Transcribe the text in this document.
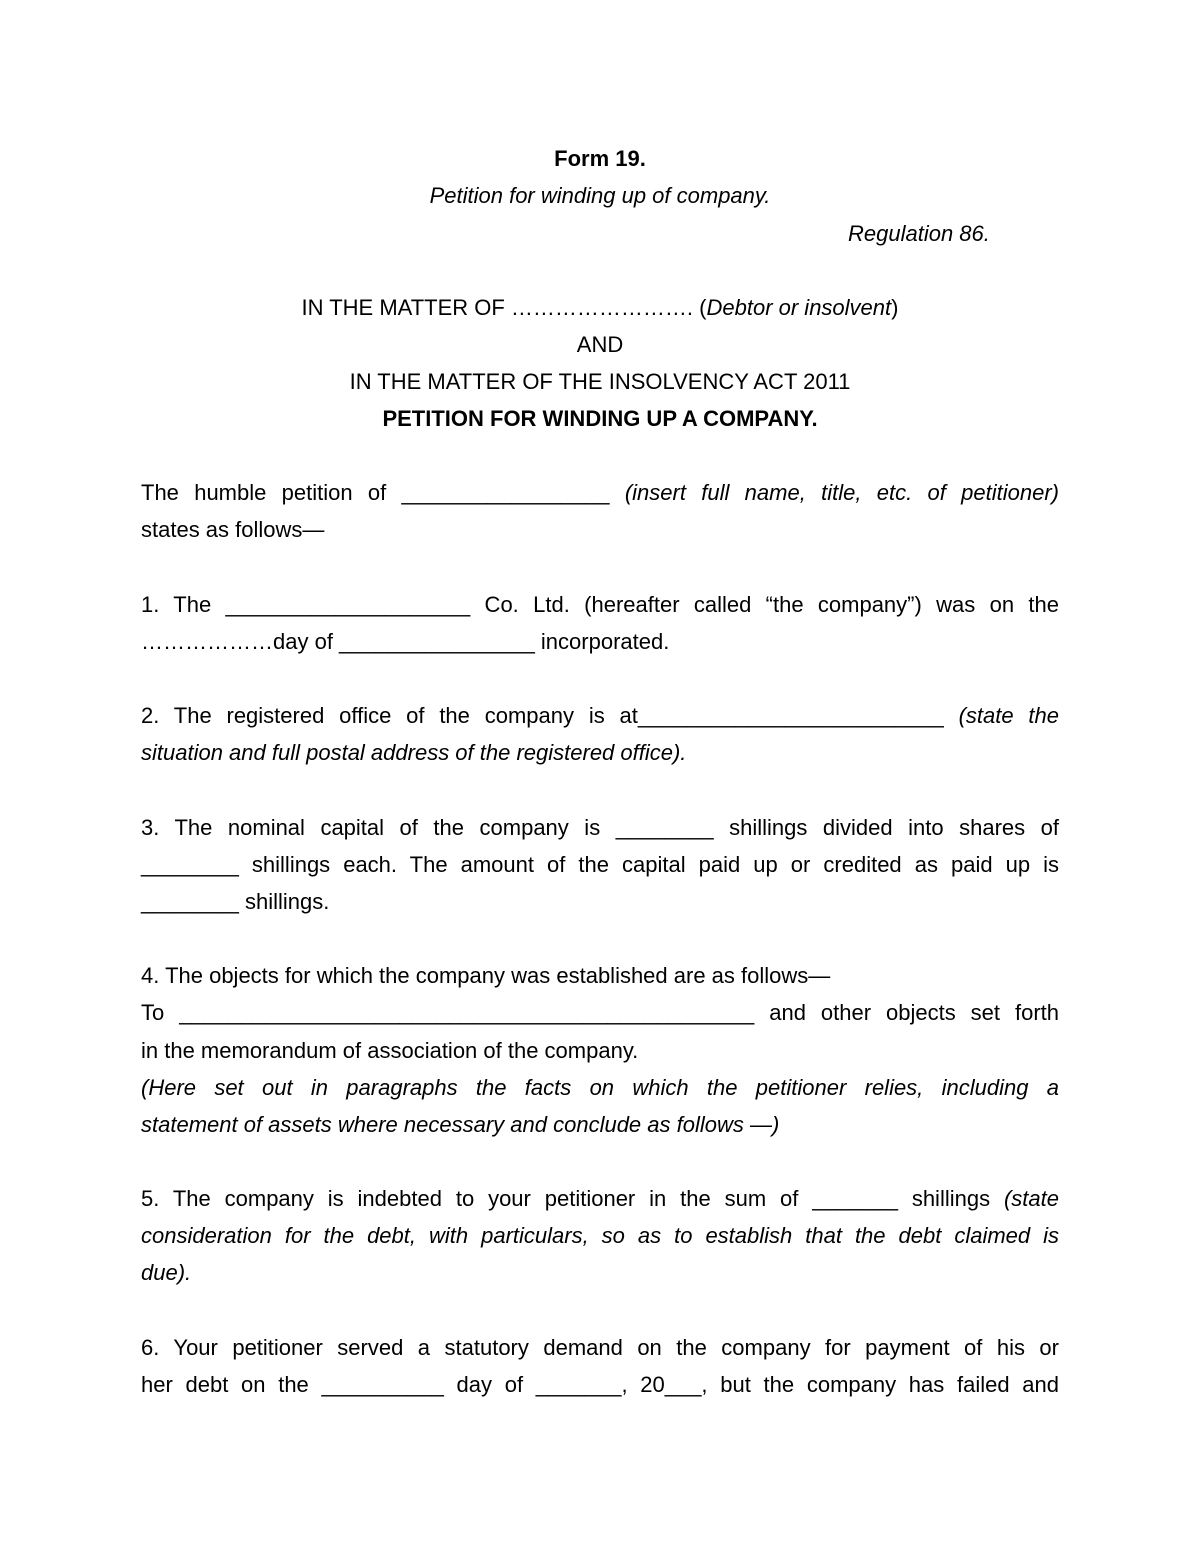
Form 19.
Petition for winding up of company.
Regulation 86.
IN THE MATTER OF ……………………. (Debtor or insolvent)
AND
IN THE MATTER OF THE INSOLVENCY ACT 2011
PETITION FOR WINDING UP A COMPANY.
The humble petition of _________________ (insert full name, title, etc. of petitioner)
states as follows—
1. The ____________________ Co. Ltd. (hereafter called “the company”) was on the
………………day of ________________ incorporated.
2. The registered office of the company is at_________________________ (state the
situation and full postal address of the registered office).
3. The nominal capital of the company is ________ shillings divided into shares of
________ shillings each. The amount of the capital paid up or credited as paid up is
________ shillings.
4. The objects for which the company was established are as follows—
To _______________________________________________ and other objects set forth
in the memorandum of association of the company.
(Here set out in paragraphs the facts on which the petitioner relies, including a
statement of assets where necessary and conclude as follows —)
5. The company is indebted to your petitioner in the sum of _______ shillings (state
consideration for the debt, with particulars, so as to establish that the debt claimed is
due).
6. Your petitioner served a statutory demand on the company for payment of his or
her debt on the __________ day of _______, 20___, but the company has failed and
